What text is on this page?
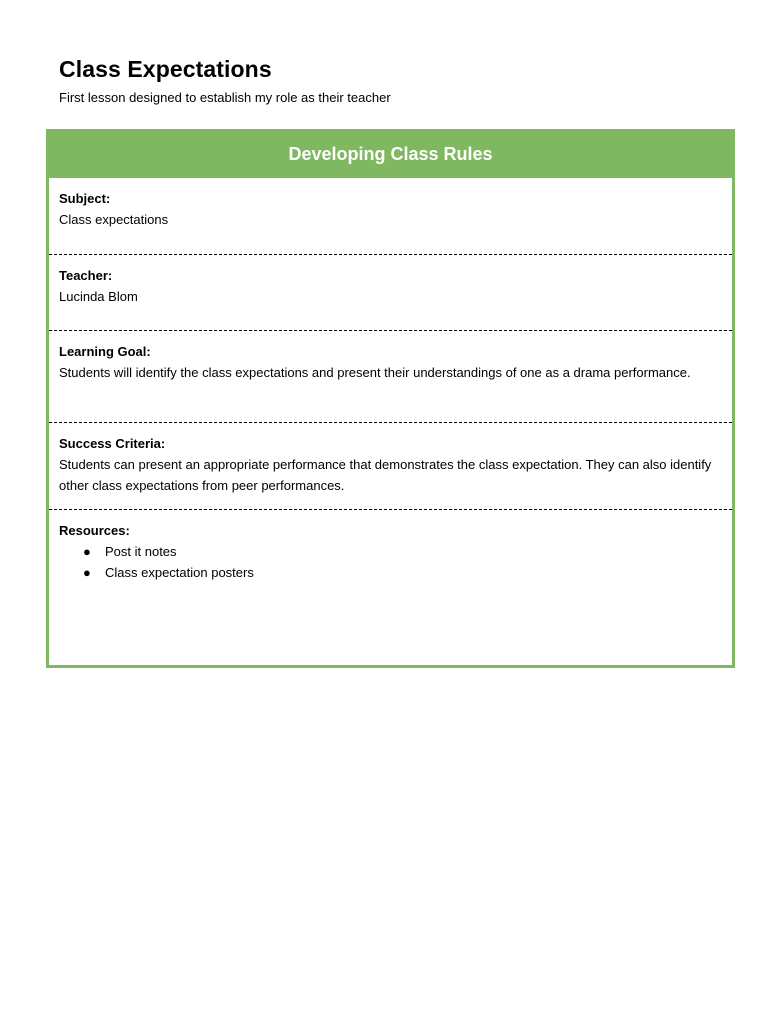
Class Expectations

First lesson designed to establish my role as their teacher

Developing Class Rules
Subject:
Class expectations
Teacher:
Lucinda Blom
Learning Goal:
Students will identify the class expectations and present their understandings of one as a drama performance.
Success Criteria:
Students can present an appropriate performance that demonstrates the class expectation. They can also identify other class expectations from peer performances.
Resources:
● Post it notes
● Class expectation posters
